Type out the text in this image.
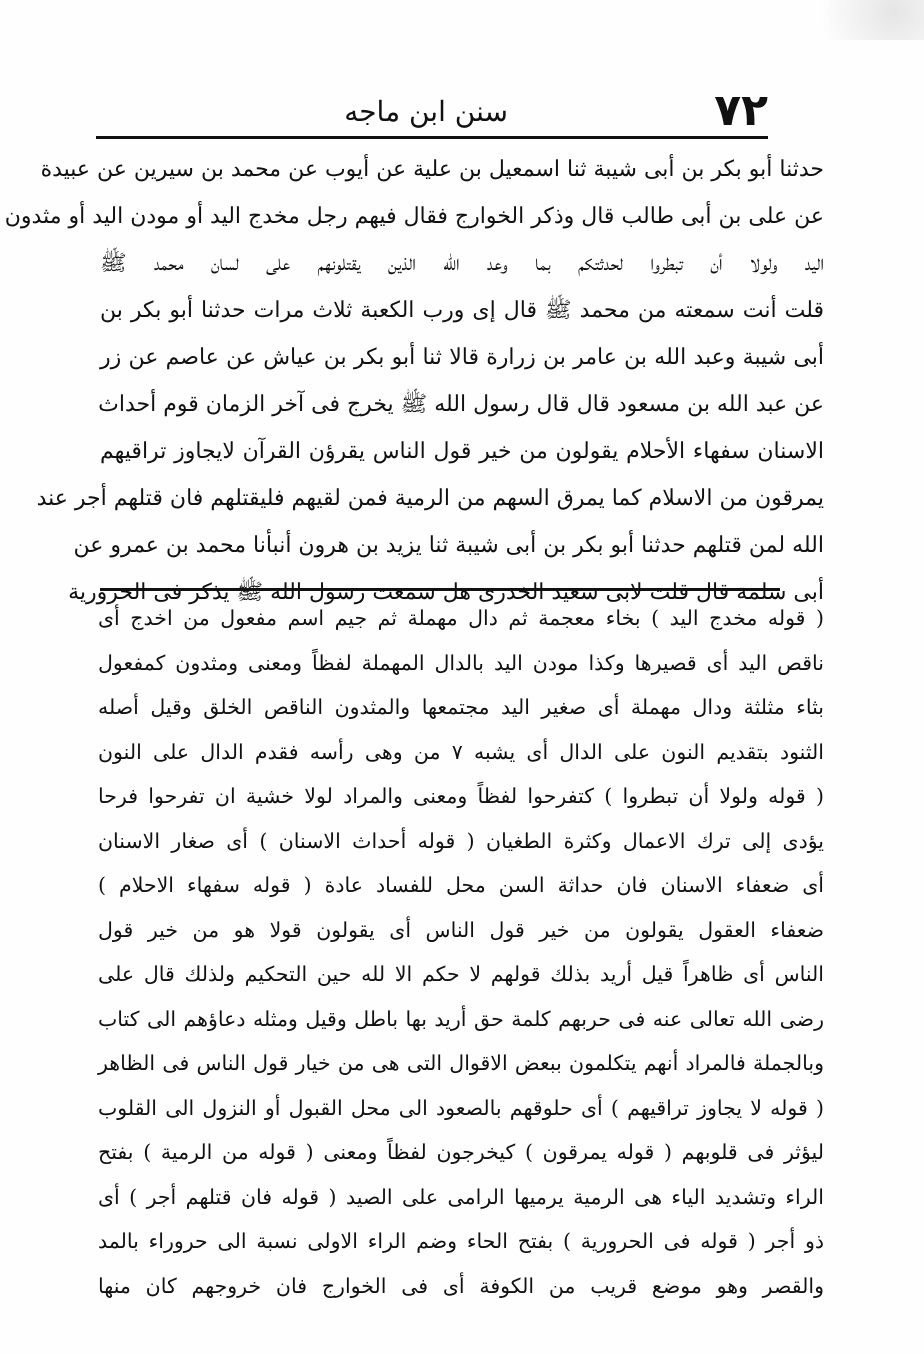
٧٢
سنن ابن ماجه
حدثنا أبو بكر بن أبى شيبة ثنا اسمعيل بن علية عن أيوب عن محمد بن سيرين عن عبيدة
عن على بن أبى طالب قال وذكر الخوارج فقال فيهم رجل مخدج اليد أو مودن اليد أو مثدون
اليد ولولا أن تبطروا لحدثتكم بما وعد الله الذين يقتلونهم على لسان محمد ﷺ
قلت أنت سمعته من محمد ﷺ قال إى ورب الكعبة ثلاث مرات حدثنا أبو بكر بن
أبى شيبة وعبد الله بن عامر بن زرارة قالا ثنا أبو بكر بن عياش عن عاصم عن زر
عن عبد الله بن مسعود قال قال رسول الله ﷺ يخرج فى آخر الزمان قوم أحداث
الاسنان سفهاء الأحلام يقولون من خير قول الناس يقرؤن القرآن لايجاوز تراقيهم
يمرقون من الاسلام كما يمرق السهم من الرمية فمن لقيهم فليقتلهم فان قتلهم أجر عند
الله لمن قتلهم حدثنا أبو بكر بن أبى شيبة ثنا يزيد بن هرون أنبأنا محمد بن عمرو عن
أبى سلمة قال قلت لابى سعيد الخدرى هل سمعت رسول الله ﷺ يذكر فى الحرورية
( قوله مخدج اليد ) بخاء معجمة ثم دال مهملة ثم جيم اسم مفعول من اخدج أى
ناقص اليد أى قصيرها وكذا مودن اليد بالدال المهملة لفظاً ومعنى ومثدون كمفعول
بثاء مثلثة ودال مهملة أى صغير اليد مجتمعها والمثدون الناقص الخلق وقيل أصله
الثنود بتقديم النون على الدال أى يشبه ٧ من وهى رأسه فقدم الدال على النون
( قوله ولولا أن تبطروا ) كتفرحوا لفظاً ومعنى والمراد لولا خشية ان تفرحوا فرحا
يؤدى إلى ترك الاعمال وكثرة الطغيان ( قوله أحداث الاسنان ) أى صغار الاسنان
أى ضعفاء الاسنان فان حداثة السن محل للفساد عادة ( قوله سفهاء الاحلام )
ضعفاء العقول يقولون من خير قول الناس أى يقولون قولا هو من خير قول
الناس أى ظاهراً قيل أريد بذلك قولهم لا حكم الا لله حين التحكيم ولذلك قال على
رضى الله تعالى عنه فى حربهم كلمة حق أريد بها باطل وقيل ومثله دعاؤهم الى كتاب
وبالجملة فالمراد أنهم يتكلمون ببعض الاقوال التى هى من خيار قول الناس فى الظاهر
( قوله لا يجاوز تراقيهم ) أى حلوقهم بالصعود الى محل القبول أو النزول الى القلوب
ليؤثر فى قلوبهم ( قوله يمرقون ) كيخرجون لفظاً ومعنى ( قوله من الرمية ) بفتح
الراء وتشديد الياء هى الرمية يرميها الرامى على الصيد ( قوله فان قتلهم أجر ) أى
ذو أجر ( قوله فى الحرورية ) بفتح الحاء وضم الراء الاولى نسبة الى حروراء بالمد
والقصر وهو موضع قريب من الكوفة أى فى الخوارج فان خروجهم كان منها
